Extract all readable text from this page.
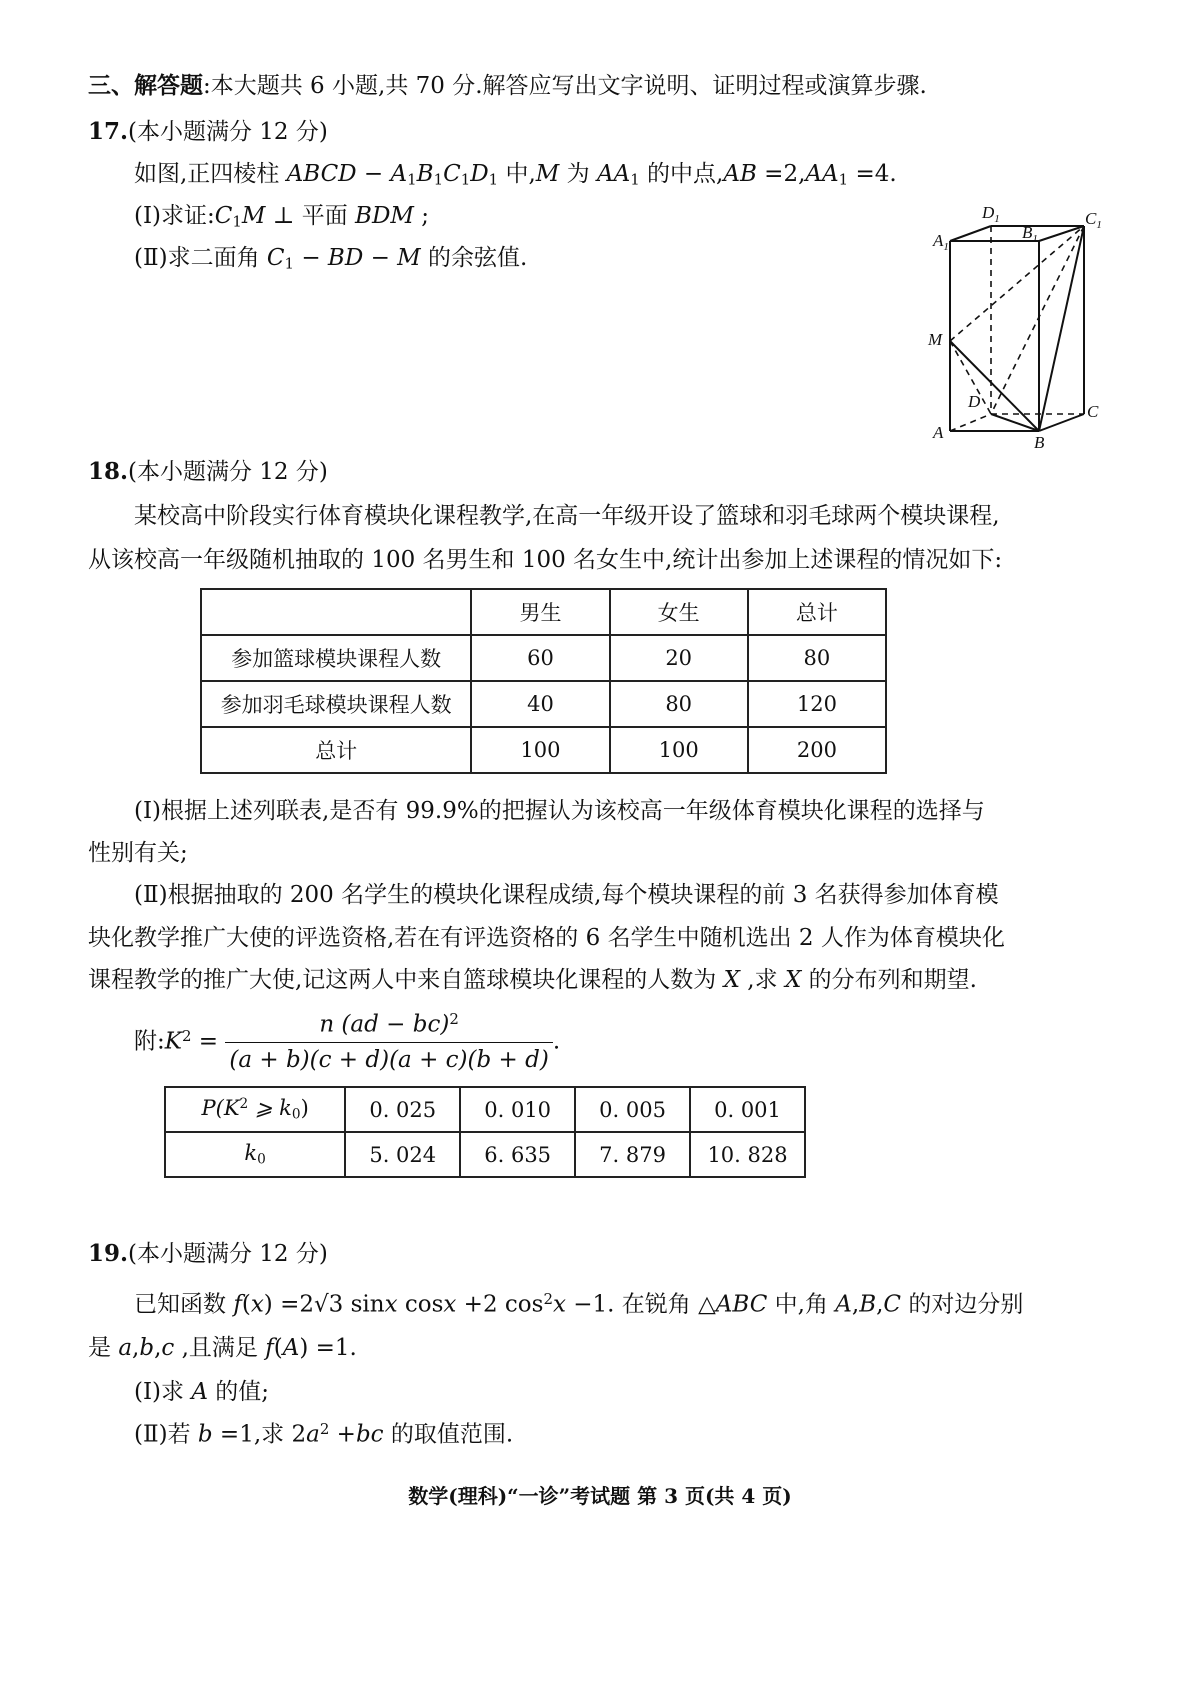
三、解答题:本大题共 6 小题,共 70 分.解答应写出文字说明、证明过程或演算步骤.
17.(本小题满分 12 分)
如图,正四棱柱 ABCD − $A_1B_1C_1D_1$ 中,M 为 $AA_1$ 的中点$,AB =2,AA_1 =4$.
(Ⅰ)求证$:C_1M$ ⊥ 平面 BDM ;
(Ⅱ)求二面角 $C_1$ − BD − M 的余弦值.
$A_1$
$D_1$
$B_1$
$C_1$
M
D
C
A
B
18.(本小题满分 12 分)
某校高中阶段实行体育模块化课程教学,在高一年级开设了篮球和羽毛球两个模块课程,
从该校高一年级随机抽取的 100 名男生和 100 名女生中,统计出参加上述课程的情况如下:
	男生	女生	总计
参加篮球模块课程人数	60	20	80
参加羽毛球模块课程人数	40	80	120
总计	100	100	200
(Ⅰ)根据上述列联表,是否有 99.9%的把握认为该校高一年级体育模块化课程的选择与
性别有关;
(Ⅱ)根据抽取的 200 名学生的模块化课程成绩,每个模块课程的前 3 名获得参加体育模
块化教学推广大使的评选资格,若在有评选资格的 6 名学生中随机选出 2 人作为体育模块化
课程教学的推广大使,记这两人中来自篮球模块化课程的人数为 X ,求 X 的分布列和期望.
附$:K^2 = \frac{n (ad - bc)^2}{(a + b)(c + d)(a + c)(b + d)}$ .
$P(K^2$ ⩾ $k_0$)	0. 025	0. 010	0. 005	0. 001
$k_0$	5. 024	6. 635	7. 879	10. 828
19.(本小题满分 12 分)
已知函数 f(x) =2√3 sinx cosx +2 $\cos^2x -1$. 在锐角 △ABC 中,角 A,B,C 的对边分别
是 a,b,c ,且满足 f(A) =1.
(Ⅰ)求 A 的值;
(Ⅱ)若 b =1,求 $2a^2 +bc$ 的取值范围.
数学(理科)“一诊”考试题 第 3 页(共 4 页)
